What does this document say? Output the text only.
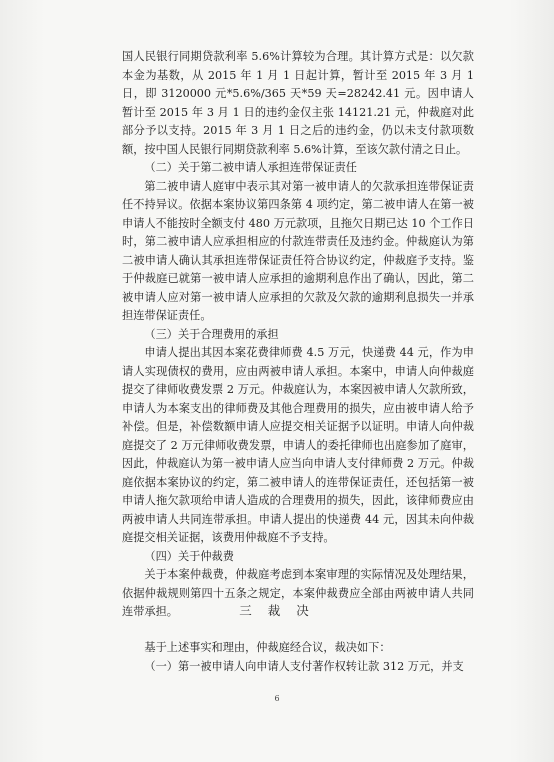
国人民银行同期贷款利率 5.6%计算较为合理。其计算方式是：以欠款本金为基数，从 2015 年 1 月 1 日起计算，暂计至 2015 年 3 月 1 日，即 3120000 元*5.6%/365 天*59 天=28242.41 元。因申请人暂计至 2015 年 3 月 1 日的违约金仅主张 14121.21 元，仲裁庭对此部分予以支持。2015 年 3 月 1 日之后的违约金，仍以未支付款项数额，按中国人民银行同期贷款利率 5.6%计算，至该欠款付清之日止。

（二）关于第二被申请人承担连带保证责任

第二被申请人庭审中表示其对第一被申请人的欠款承担连带保证责任不持异议。依据本案协议第四条第 4 项约定，第二被申请人在第一被申请人不能按时全额支付 480 万元款项，且拖欠日期已达 10 个工作日时，第二被申请人应承担相应的付款连带责任及违约金。仲裁庭认为第二被申请人确认其承担连带保证责任符合协议约定，仲裁庭予支持。鉴于仲裁庭已就第一被申请人应承担的逾期利息作出了确认，因此，第二被申请人应对第一被申请人应承担的欠款及欠款的逾期利息损失一并承担连带保证责任。

（三）关于合理费用的承担

申请人提出其因本案花费律师费 4.5 万元，快递费 44 元，作为申请人实现债权的费用，应由两被申请人承担。本案中，申请人向仲裁庭提交了律师收费发票 2 万元。仲裁庭认为，本案因被申请人欠款所致，申请人为本案支出的律师费及其他合理费用的损失，应由被申请人给予补偿。但是，补偿数额申请人应提交相关证据予以证明。申请人向仲裁庭提交了 2 万元律师收费发票，申请人的委托律师也出庭参加了庭审，因此，仲裁庭认为第一被申请人应当向申请人支付律师费 2 万元。仲裁庭依据本案协议的约定，第二被申请人的连带保证责任，还包括第一被申请人拖欠款项给申请人造成的合理费用的损失，因此，该律师费应由两被申请人共同连带承担。申请人提出的快递费 44 元，因其未向仲裁庭提交相关证据，该费用仲裁庭不予支持。

（四）关于仲裁费

关于本案仲裁费，仲裁庭考虑到本案审理的实际情况及处理结果，依据仲裁规则第四十五条之规定，本案仲裁费应全部由两被申请人共同连带承担。	三 裁 决

基于上述事实和理由，仲裁庭经合议，裁决如下：

（一）第一被申请人向申请人支付著作权转让款 312 万元，并支

6
